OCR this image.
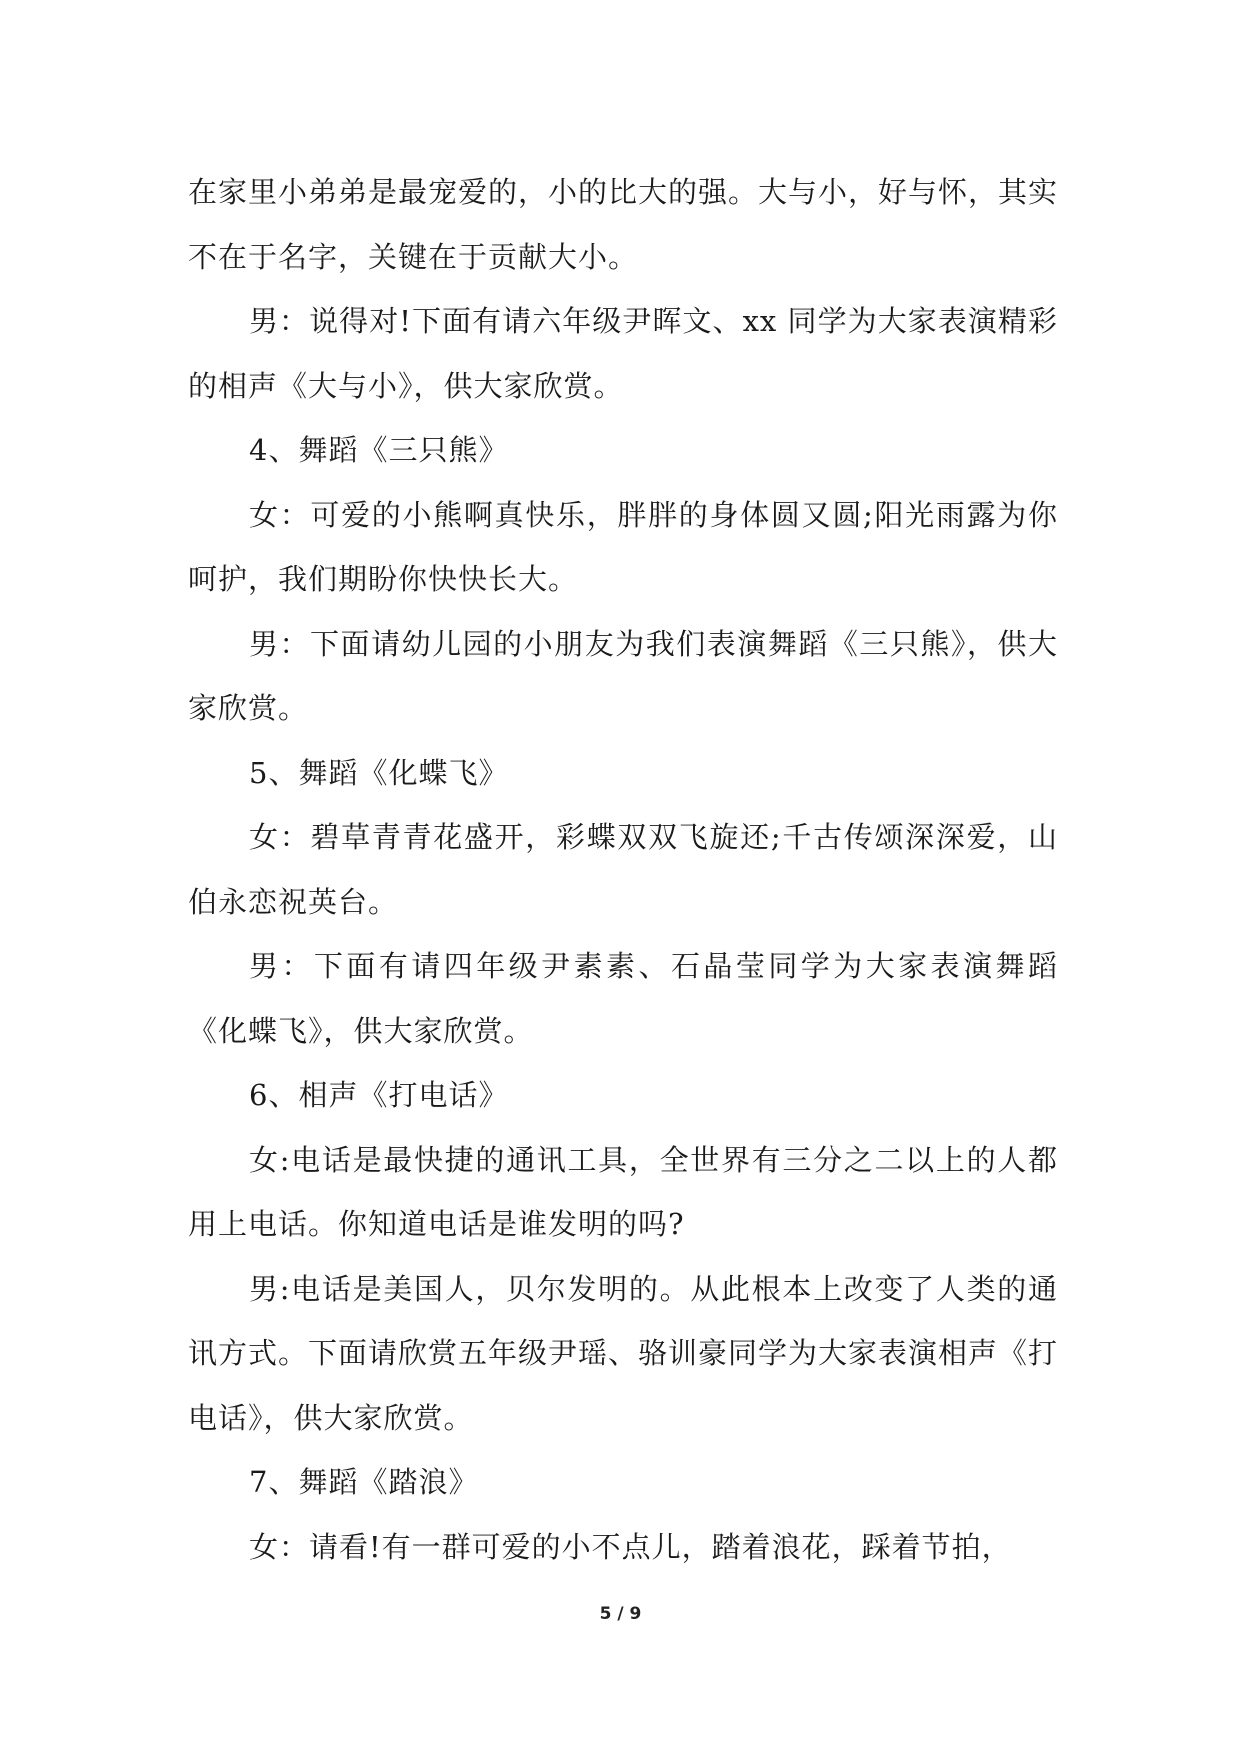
在家里小弟弟是最宠爱的，小的比大的强。大与小，好与怀，其实不在于名字，关键在于贡献大小。

男：说得对!下面有请六年级尹晖文、xx 同学为大家表演精彩的相声《大与小》，供大家欣赏。

4、舞蹈《三只熊》

女：可爱的小熊啊真快乐，胖胖的身体圆又圆;阳光雨露为你呵护，我们期盼你快快长大。

男：下面请幼儿园的小朋友为我们表演舞蹈《三只熊》，供大家欣赏。

5、舞蹈《化蝶飞》

女：碧草青青花盛开，彩蝶双双飞旋还;千古传颂深深爱，山伯永恋祝英台。

男：下面有请四年级尹素素、石晶莹同学为大家表演舞蹈《化蝶飞》，供大家欣赏。

6、相声《打电话》

女:电话是最快捷的通讯工具，全世界有三分之二以上的人都用上电话。你知道电话是谁发明的吗?

男:电话是美国人，贝尔发明的。从此根本上改变了人类的通讯方式。下面请欣赏五年级尹瑶、骆训豪同学为大家表演相声《打电话》，供大家欣赏。

7、舞蹈《踏浪》

女：请看!有一群可爱的小不点儿，踏着浪花，踩着节拍，

5 / 9
